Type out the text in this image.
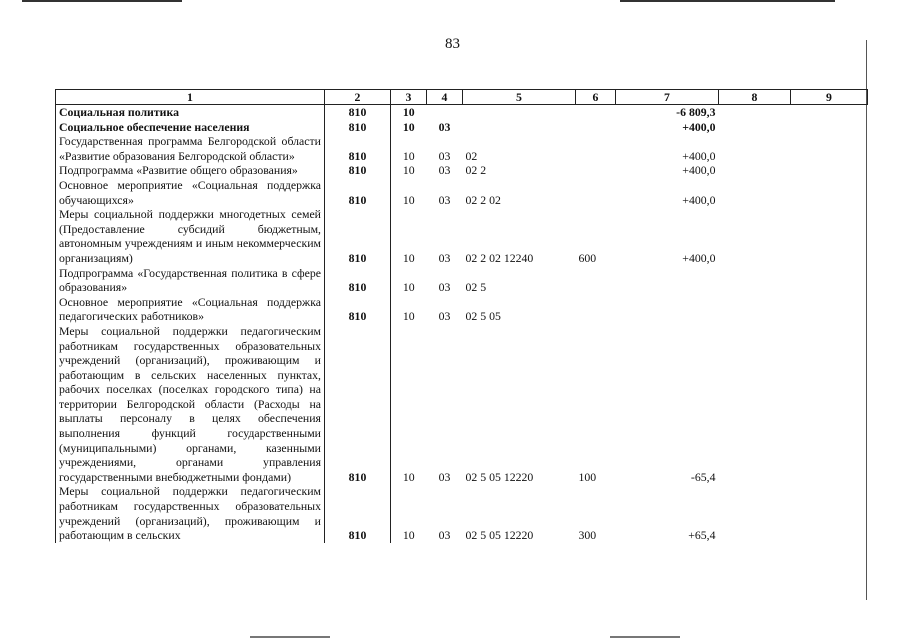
83
1	2	3	4	5	6	7	8	9
Социальная политика	810	10				-6 809,3		
Социальное обеспечение населения	810	10	03			+400,0		
Государственная программа Белгородской области «Развитие образования Белгородской области»	810	10	03	02		+400,0		
Подпрограмма «Развитие общего образования»	810	10	03	02 2		+400,0		
Основное мероприятие «Социальная поддержка обучающихся»	810	10	03	02 2 02		+400,0		
Меры социальной поддержки многодетных семей (Предоставление субсидий бюджетным, автономным учреждениям и иным некоммерческим организациям)	810	10	03	02 2 02 12240	600	+400,0		
Подпрограмма «Государственная политика в сфере образования»	810	10	03	02 5				
Основное мероприятие «Социальная поддержка педагогических работников»	810	10	03	02 5 05				
Меры социальной поддержки педагогическим работникам государственных образовательных учреждений (организаций), проживающим и работающим в сельских населенных пунктах, рабочих поселках (поселках городского типа) на территории Белгородской области (Расходы на выплаты персоналу в целях обеспечения выполнения функций государственными (муниципальными) органами, казенными учреждениями, органами управления государственными внебюджетными фондами)	810	10	03	02 5 05 12220	100	-65,4		
Меры социальной поддержки педагогическим работникам государственных образовательных учреждений (организаций), проживающим и работающим в сельских	810	10	03	02 5 05 12220	300	+65,4		
